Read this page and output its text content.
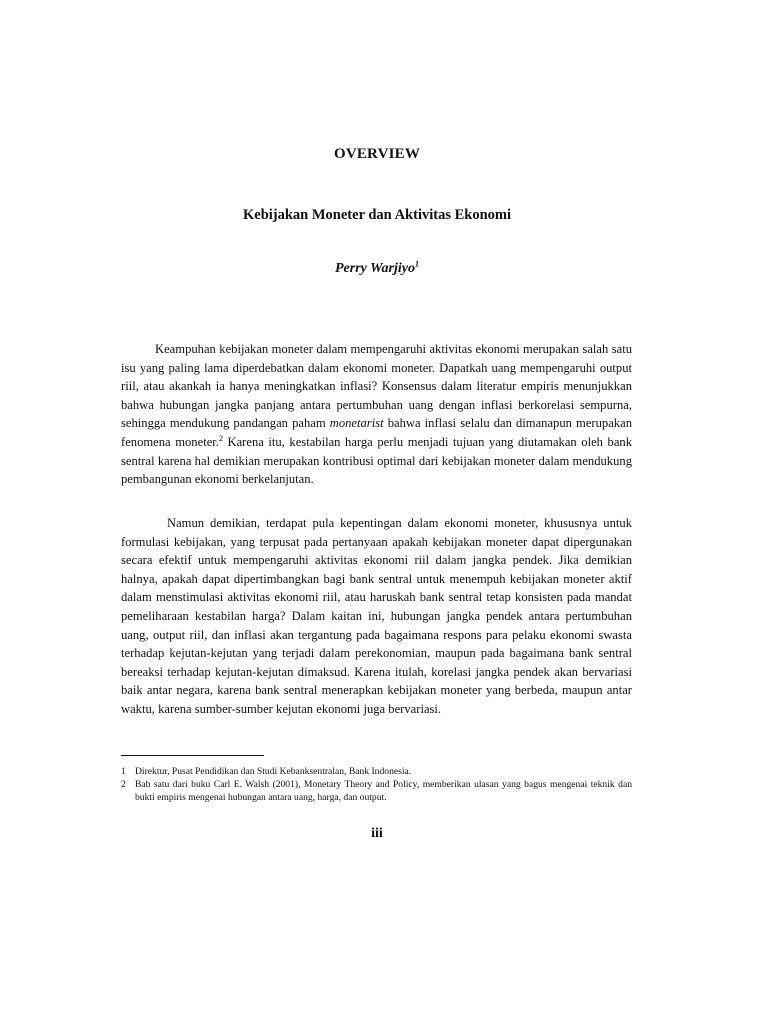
OVERVIEW
Kebijakan Moneter dan Aktivitas Ekonomi
Perry Warjiyo$^1$

Keampuhan kebijakan moneter dalam mempengaruhi aktivitas ekonomi merupakan salah satu isu yang paling lama diperdebatkan dalam ekonomi moneter. Dapatkah uang mempengaruhi output riil, atau akankah ia hanya meningkatkan inflasi? Konsensus dalam literatur empiris menunjukkan bahwa hubungan jangka panjang antara pertumbuhan uang dengan inflasi berkorelasi sempurna, sehingga mendukung pandangan paham monetarist bahwa inflasi selalu dan dimanapun merupakan fenomena moneter.$^2$ Karena itu, kestabilan harga perlu menjadi tujuan yang diutamakan oleh bank sentral karena hal demikian merupakan kontribusi optimal dari kebijakan moneter dalam mendukung pembangunan ekonomi berkelanjutan.

Namun demikian, terdapat pula kepentingan dalam ekonomi moneter, khususnya untuk formulasi kebijakan, yang terpusat pada pertanyaan apakah kebijakan moneter dapat dipergunakan secara efektif untuk mempengaruhi aktivitas ekonomi riil dalam jangka pendek. Jika demikian halnya, apakah dapat dipertimbangkan bagi bank sentral untuk menempuh kebijakan moneter aktif dalam menstimulasi aktivitas ekonomi riil, atau haruskah bank sentral tetap konsisten pada mandat pemeliharaan kestabilan harga? Dalam kaitan ini, hubungan jangka pendek antara pertumbuhan uang, output riil, dan inflasi akan tergantung pada bagaimana respons para pelaku ekonomi swasta terhadap kejutan-kejutan yang terjadi dalam perekonomian, maupun pada bagaimana bank sentral bereaksi terhadap kejutan-kejutan dimaksud. Karena itulah, korelasi jangka pendek akan bervariasi baik antar negara, karena bank sentral menerapkan kebijakan moneter yang berbeda, maupun antar waktu, karena sumber-sumber kejutan ekonomi juga bervariasi.

1 Direktur, Pusat Pendidikan dan Studi Kebanksentralan, Bank Indonesia.
2 Bab satu dari buku Carl E. Walsh (2001), Monetary Theory and Policy, memberikan ulasan yang bagus mengenai teknik dan bukti empiris mengenai hubungan antara uang, harga, dan output.
iii
